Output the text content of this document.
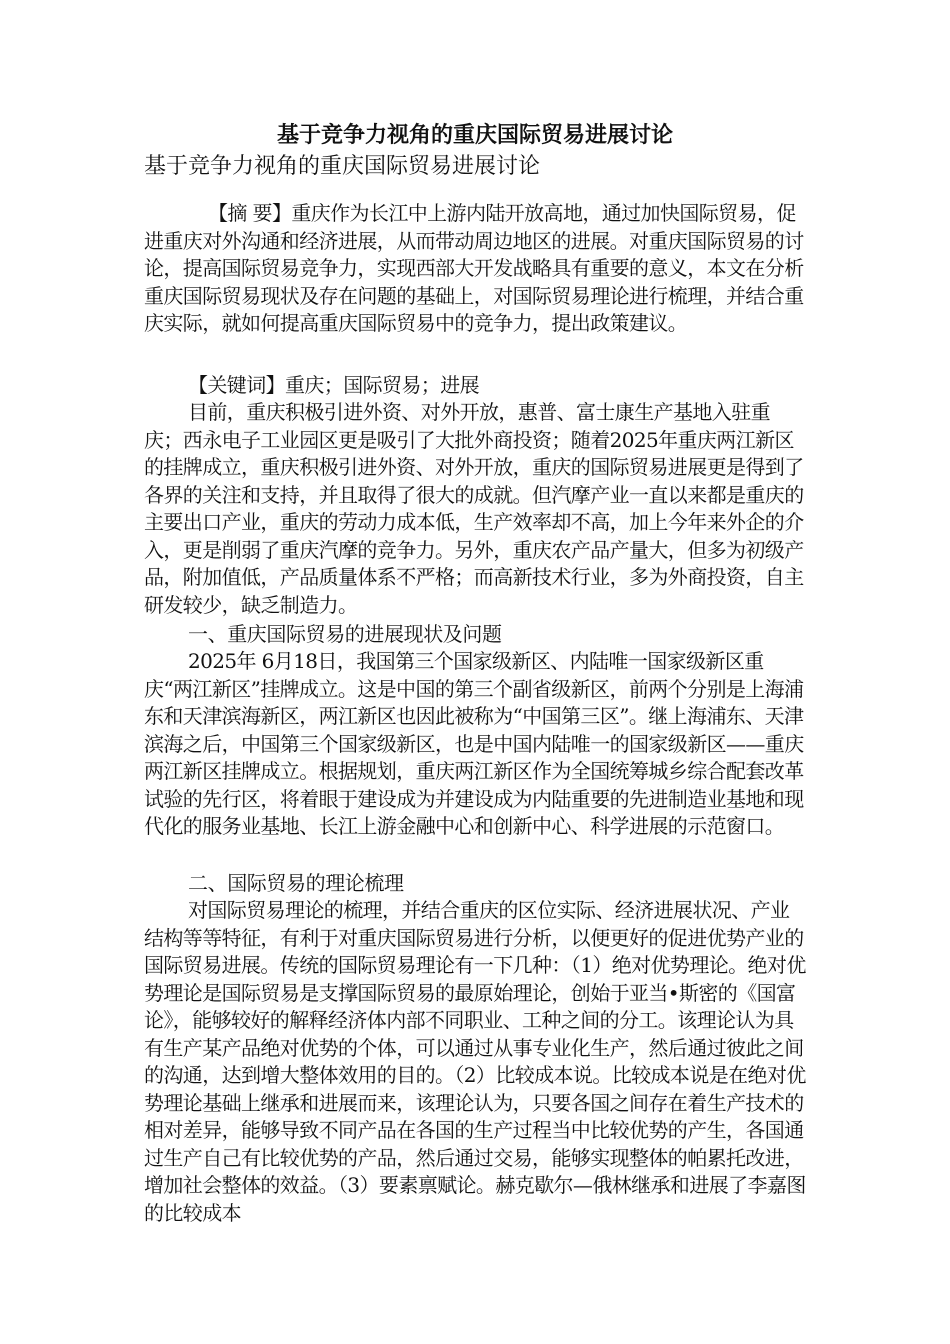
基于竞争力视角的重庆国际贸易进展讨论
基于竞争力视角的重庆国际贸易进展讨论

【摘 要】重庆作为长江中上游内陆开放高地，通过加快国际贸易，促进重庆对外沟通和经济进展，从而带动周边地区的进展。对重庆国际贸易的讨论，提高国际贸易竞争力，实现西部大开发战略具有重要的意义，本文在分析重庆国际贸易现状及存在问题的基础上，对国际贸易理论进行梳理，并结合重庆实际，就如何提高重庆国际贸易中的竞争力，提出政策建议。

【关键词】重庆；国际贸易；进展

目前，重庆积极引进外资、对外开放，惠普、富士康生产基地入驻重庆；西永电子工业园区更是吸引了大批外商投资；随着2025年重庆两江新区的挂牌成立，重庆积极引进外资、对外开放，重庆的国际贸易进展更是得到了各界的关注和支持，并且取得了很大的成就。但汽摩产业一直以来都是重庆的主要出口产业，重庆的劳动力成本低，生产效率却不高，加上今年来外企的介入，更是削弱了重庆汽摩的竞争力。另外，重庆农产品产量大，但多为初级产品，附加值低，产品质量体系不严格；而高新技术行业，多为外商投资，自主研发较少，缺乏制造力。

一、重庆国际贸易的进展现状及问题

2025年 6月18日，我国第三个国家级新区、内陆唯一国家级新区重庆“两江新区”挂牌成立。这是中国的第三个副省级新区，前两个分别是上海浦东和天津滨海新区，两江新区也因此被称为“中国第三区”。继上海浦东、天津滨海之后，中国第三个国家级新区，也是中国内陆唯一的国家级新区——重庆两江新区挂牌成立。根据规划，重庆两江新区作为全国统筹城乡综合配套改革试验的先行区，将着眼于建设成为并建设成为内陆重要的先进制造业基地和现代化的服务业基地、长江上游金融中心和创新中心、科学进展的示范窗口。

二、国际贸易的理论梳理

对国际贸易理论的梳理，并结合重庆的区位实际、经济进展状况、产业结构等等特征，有利于对重庆国际贸易进行分析，以便更好的促进优势产业的国际贸易进展。传统的国际贸易理论有一下几种：（1）绝对优势理论。绝对优势理论是国际贸易是支撑国际贸易的最原始理论，创始于亚当•斯密的《国富论》，能够较好的解释经济体内部不同职业、工种之间的分工。该理论认为具有生产某产品绝对优势的个体，可以通过从事专业化生产，然后通过彼此之间的沟通，达到增大整体效用的目的。（2）比较成本说。比较成本说是在绝对优势理论基础上继承和进展而来，该理论认为，只要各国之间存在着生产技术的相对差异，能够导致不同产品在各国的生产过程当中比较优势的产生，各国通过生产自己有比较优势的产品，然后通过交易，能够实现整体的帕累托改进，增加社会整体的效益。（3）要素禀赋论。赫克歇尔—俄林继承和进展了李嘉图的比较成本
